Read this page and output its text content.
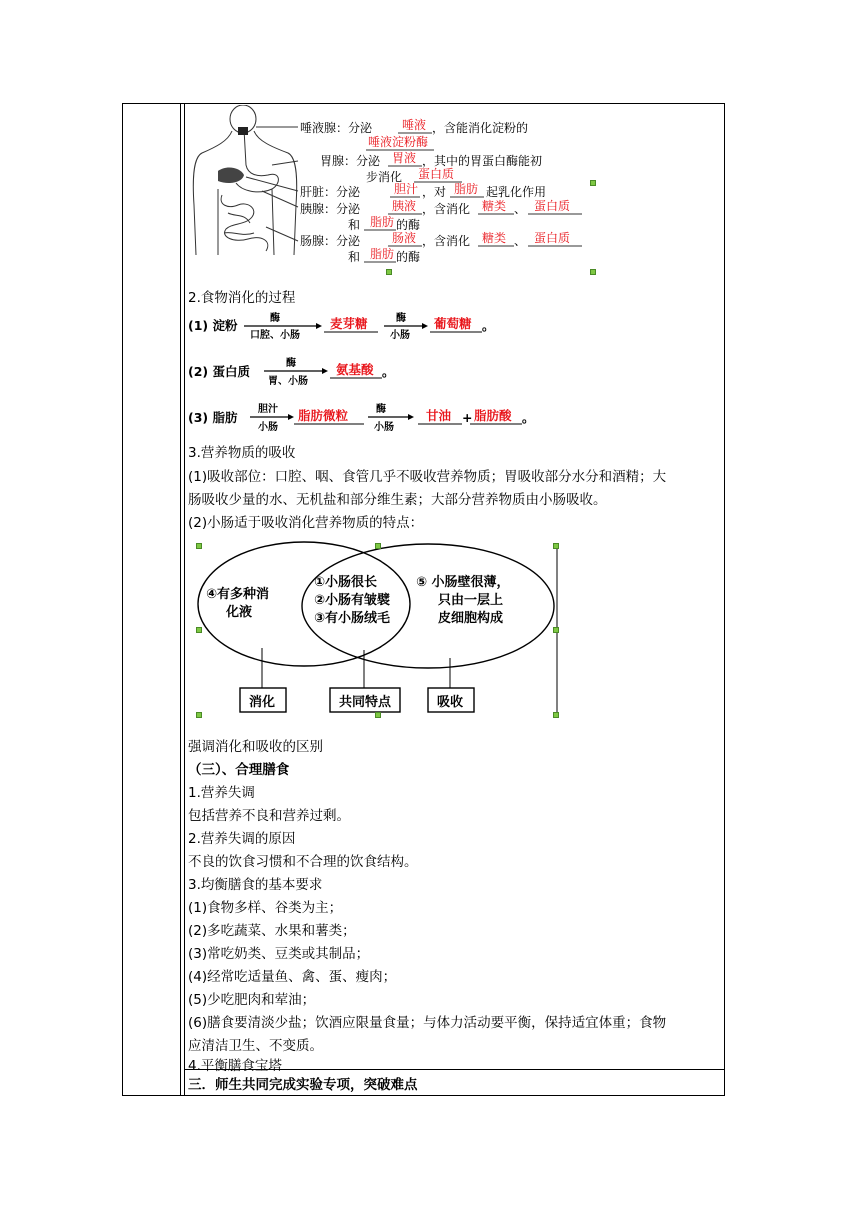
唾液腺：分泌 唾液 ，含能消化淀粉的
唾液淀粉酶
胃腺：分泌 胃液 ，其中的胃蛋白酶能初
步消化 蛋白质
肝脏：分泌	胆汁 ，对 脂肪 起乳化作用
胰腺：分泌	胰液 ，含消化 糖类 、 蛋白质
和 脂肪 的酶
肠腺：分泌	肠液 ，含消化 糖类 、 蛋白质
和 脂肪 的酶
2.食物消化的过程
(1) 淀粉	酶
口腔、小肠
麦芽糖	酶
小肠
葡萄糖 。
(2) 蛋白质
酶
胃、小肠
氨基酸 。
(3) 脂肪
胆汁
小肠
脂肪微粒	酶
小肠
甘油 + 脂肪酸 。
3.营养物质的吸收
(1)吸收部位：口腔、咽、食管几乎不吸收营养物质；胃吸收部分水分和酒精；大
肠吸收少量的水、无机盐和部分维生素；大部分营养物质由小肠吸收。
(2)小肠适于吸收消化营养物质的特点：
④有多种消
化液
①小肠很长
②小肠有皱襞
③有小肠绒毛
⑤ 小肠壁很薄，
只由一层上
皮细胞构成
消化	共同特点	吸收
强调消化和吸收的区别
（三）、合理膳食
1.营养失调
包括营养不良和营养过剩。
2.营养失调的原因
不良的饮食习惯和不合理的饮食结构。
3.均衡膳食的基本要求
(1)食物多样、谷类为主；
(2)多吃蔬菜、水果和薯类；
(3)常吃奶类、豆类或其制品；
(4)经常吃适量鱼、禽、蛋、瘦肉；
(5)少吃肥肉和荤油；
(6)膳食要清淡少盐；饮酒应限量食量；与体力活动要平衡，保持适宜体重；食物
应清洁卫生、不变质。
4.平衡膳食宝塔
三．师生共同完成实验专项，突破难点
